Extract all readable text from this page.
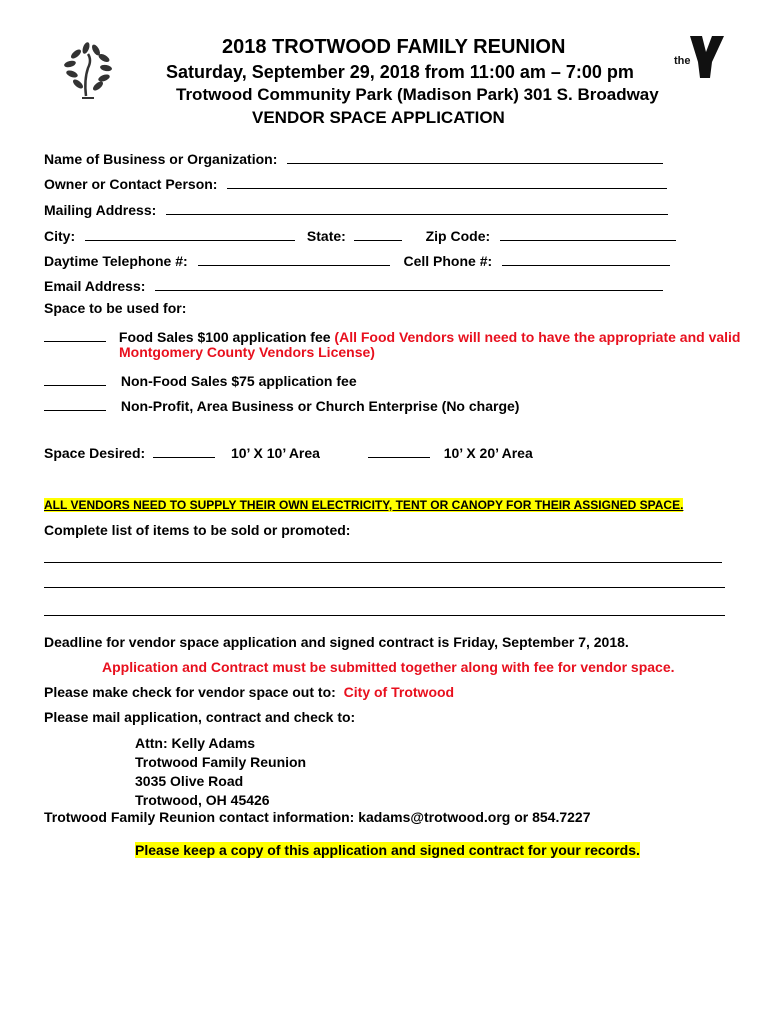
the
2018 TROTWOOD FAMILY REUNION
Saturday, September 29, 2018 from 11:00 am – 7:00 pm
Trotwood Community Park (Madison Park) 301 S. Broadway
VENDOR SPACE APPLICATION
Name of Business or Organization:
Owner or Contact Person:
Mailing Address:
City:	State:	Zip Code:
Daytime Telephone #:	Cell Phone #:
Email Address:
Space to be used for:
Food Sales $100 application fee (All Food Vendors will need to have the appropriate and valid
Montgomery County Vendors License)
Non-Food Sales $75 application fee
Non-Profit, Area Business or Church Enterprise (No charge)
Space Desired:	10’ X 10’ Area	10’ X 20’ Area
ALL VENDORS NEED TO SUPPLY THEIR OWN ELECTRICITY, TENT OR CANOPY FOR THEIR ASSIGNED SPACE.
Complete list of items to be sold or promoted:
Deadline for vendor space application and signed contract is Friday, September 7, 2018.
Application and Contract must be submitted together along with fee for vendor space.
Please make check for vendor space out to: City of Trotwood
Please mail application, contract and check to:
Attn: Kelly Adams
Trotwood Family Reunion
3035 Olive Road
Trotwood, OH 45426
Trotwood Family Reunion contact information: kadams@trotwood.org or 854.7227
Please keep a copy of this application and signed contract for your records.
